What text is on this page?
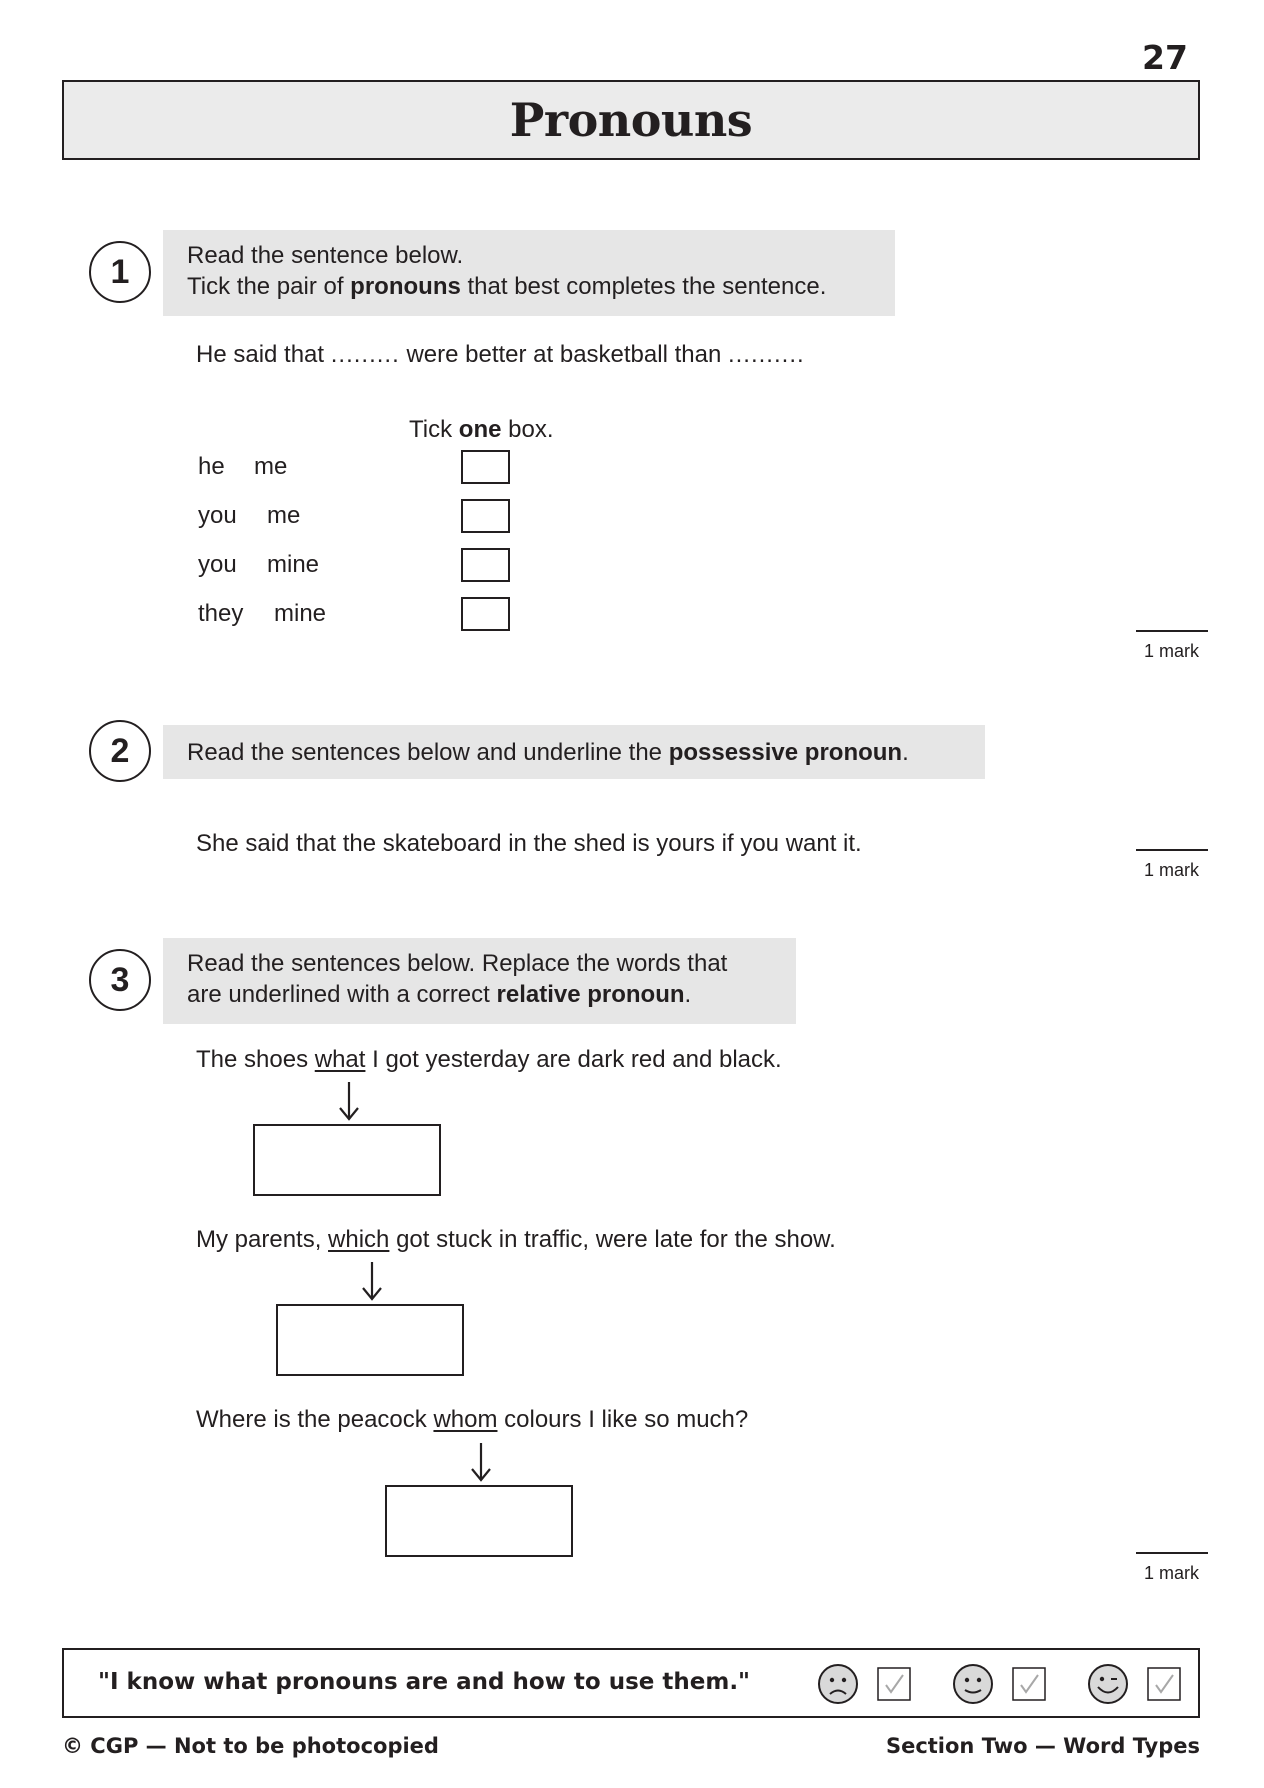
27
Pronouns
1	Read the sentence below.
Tick the pair of pronouns that best completes the sentence.
He said that ......... were better at basketball than ..........
Tick one box.
he me
you me
you mine
they mine
1 mark
2	Read the sentences below and underline the possessive pronoun.
She said that the skateboard in the shed is yours if you want it.
1 mark
3	Read the sentences below. Replace the words that
are underlined with a correct relative pronoun.
The shoes what I got yesterday are dark red and black.
My parents, which got stuck in traffic, were late for the show.
Where is the peacock whom colours I like so much?
1 mark
"I know what pronouns are and how to use them."
© CGP — Not to be photocopied	Section Two — Word Types
